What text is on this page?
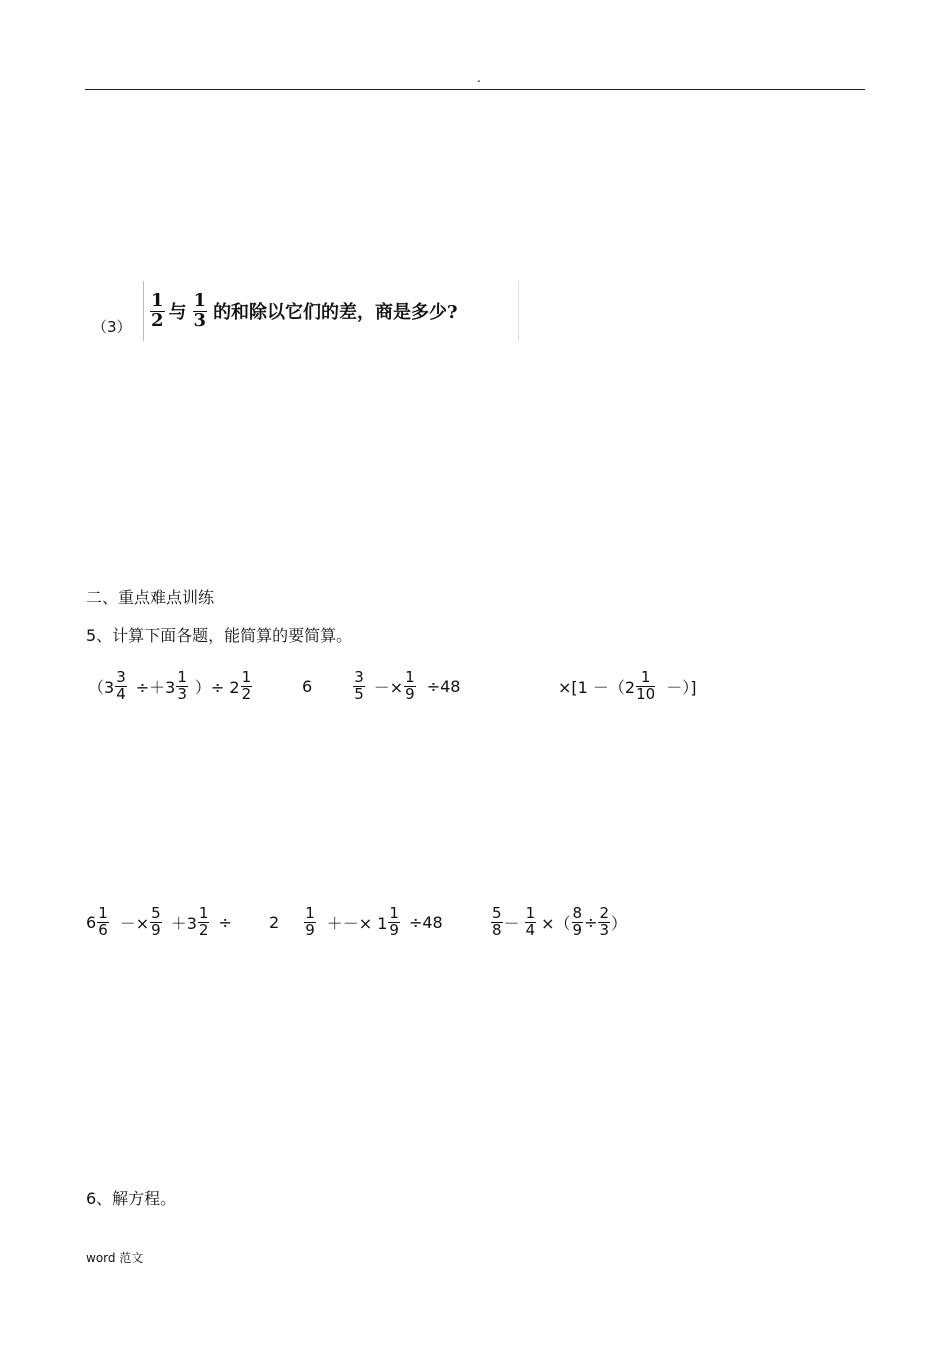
.
（3）
1
2 与
1
3 的和除以它们的差，商是多少?
二、重点难点训练
5、计算下面各题，能简算的要简算。
（3
3
4 ÷＋3
1
3 ）÷ 2
1
2	6	3
5 －×
1
9 ÷48	×[1 －（2
1
10 －）]
6 1
6 －×
5
9 ＋3
1
2 ÷ 2 1
9 ＋－× 1
1
9 ÷48	5
8 －
1
4 ×（
8
9 ÷ 2
3 ）
6、解方程。
word 范文
